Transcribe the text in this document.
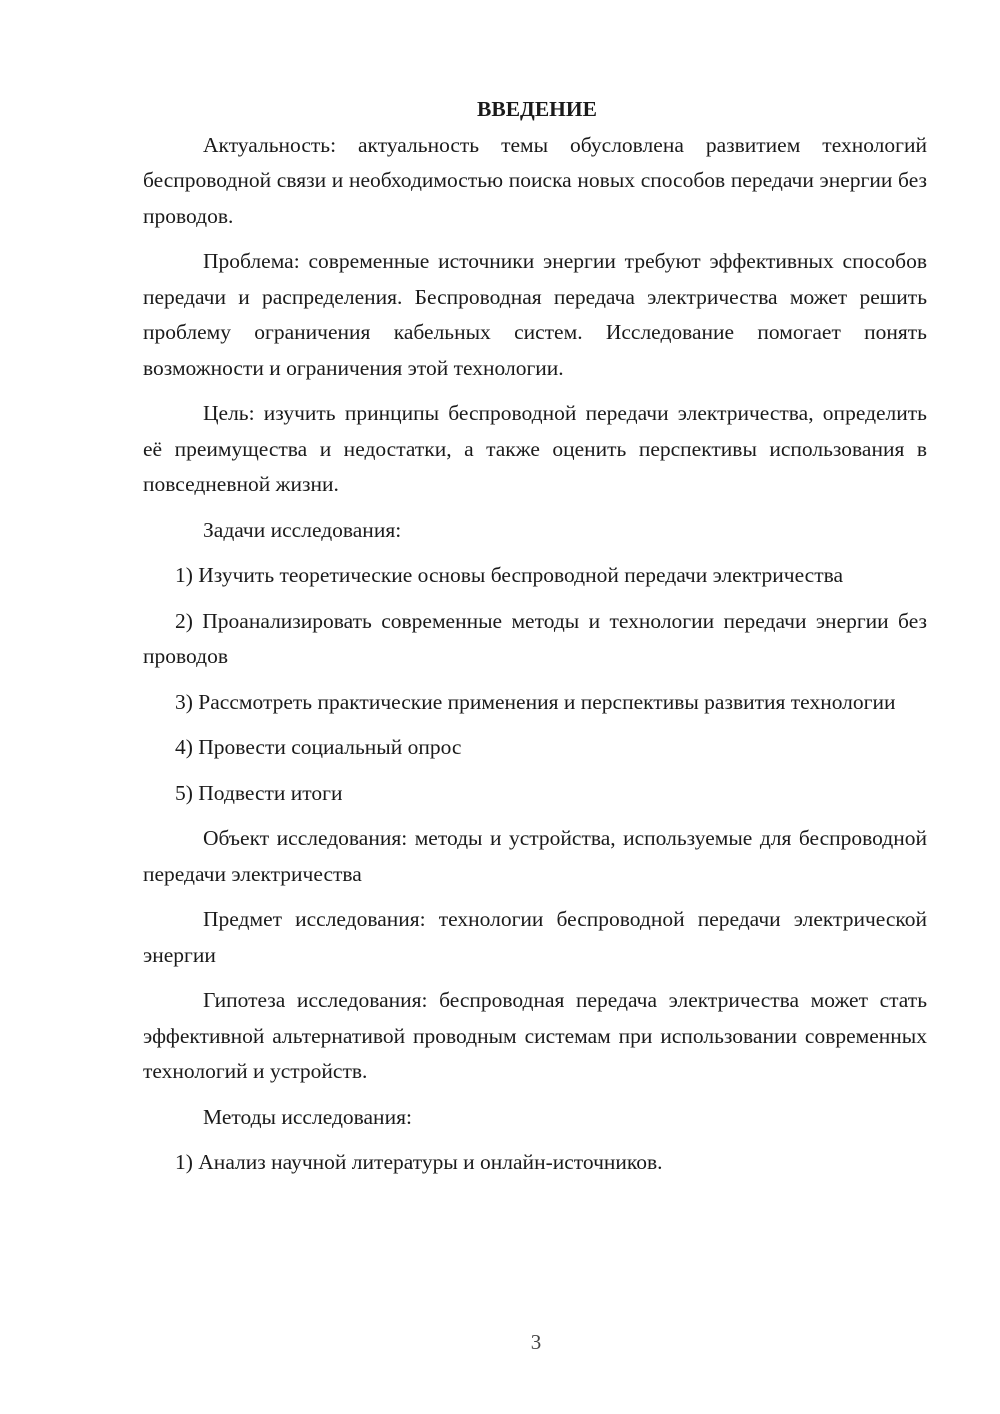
ВВЕДЕНИЕ

Актуальность: актуальность темы обусловлена развитием технологий беспроводной связи и необходимостью поиска новых способов передачи энергии без проводов.

Проблема: современные источники энергии требуют эффективных способов передачи и распределения. Беспроводная передача электричества может решить проблему ограничения кабельных систем. Исследование помогает понять возможности и ограничения этой технологии.

Цель: изучить принципы беспроводной передачи электричества, определить её преимущества и недостатки, а также оценить перспективы использования в повседневной жизни.

Задачи исследования:

1) Изучить теоретические основы беспроводной передачи электричества

2) Проанализировать современные методы и технологии передачи энергии без проводов

3) Рассмотреть практические применения и перспективы развития технологии

4) Провести социальный опрос

5) Подвести итоги

Объект исследования: методы и устройства, используемые для беспроводной передачи электричества

Предмет исследования: технологии беспроводной передачи электрической энергии

Гипотеза исследования: беспроводная передача электричества может стать эффективной альтернативой проводным системам при использовании современных технологий и устройств.

Методы исследования:

1) Анализ научной литературы и онлайн-источников.

3
